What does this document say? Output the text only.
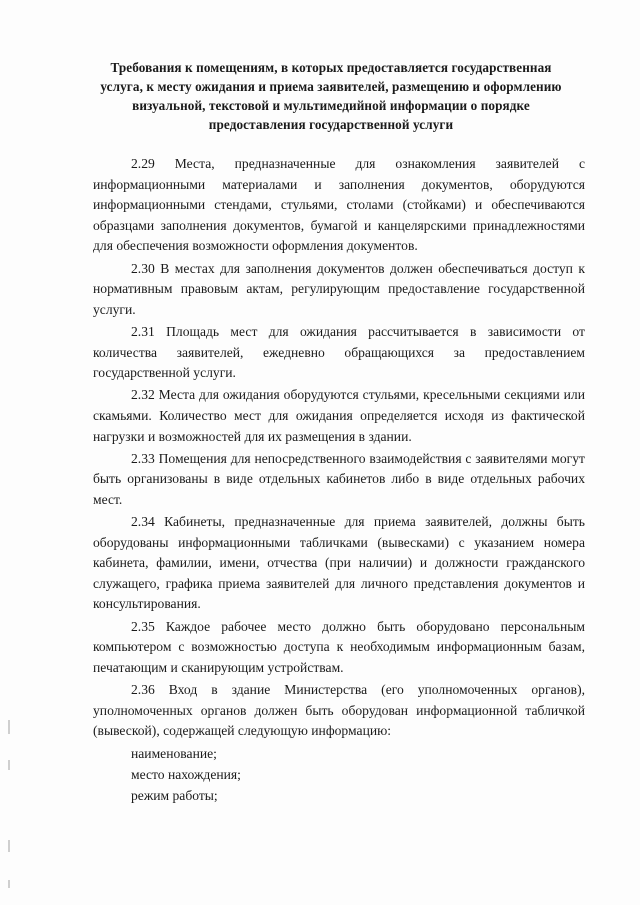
Требования к помещениям, в которых предоставляется государственная услуга, к месту ожидания и приема заявителей, размещению и оформлению визуальной, текстовой и мультимедийной информации о порядке предоставления государственной услуги

2.29 Места, предназначенные для ознакомления заявителей с информационными материалами и заполнения документов, оборудуются информационными стендами, стульями, столами (стойками) и обеспечиваются образцами заполнения документов, бумагой и канцелярскими принадлежностями для обеспечения возможности оформления документов.

2.30 В местах для заполнения документов должен обеспечиваться доступ к нормативным правовым актам, регулирующим предоставление государственной услуги.

2.31 Площадь мест для ожидания рассчитывается в зависимости от количества заявителей, ежедневно обращающихся за предоставлением государственной услуги.

2.32 Места для ожидания оборудуются стульями, кресельными секциями или скамьями. Количество мест для ожидания определяется исходя из фактической нагрузки и возможностей для их размещения в здании.

2.33 Помещения для непосредственного взаимодействия с заявителями могут быть организованы в виде отдельных кабинетов либо в виде отдельных рабочих мест.

2.34 Кабинеты, предназначенные для приема заявителей, должны быть оборудованы информационными табличками (вывесками) с указанием номера кабинета, фамилии, имени, отчества (при наличии) и должности гражданского служащего, графика приема заявителей для личного представления документов и консультирования.

2.35 Каждое рабочее место должно быть оборудовано персональным компьютером с возможностью доступа к необходимым информационным базам, печатающим и сканирующим устройствам.

2.36 Вход в здание Министерства (его уполномоченных органов), уполномоченных органов должен быть оборудован информационной табличкой (вывеской), содержащей следующую информацию:

наименование;

место нахождения;

режим работы;
